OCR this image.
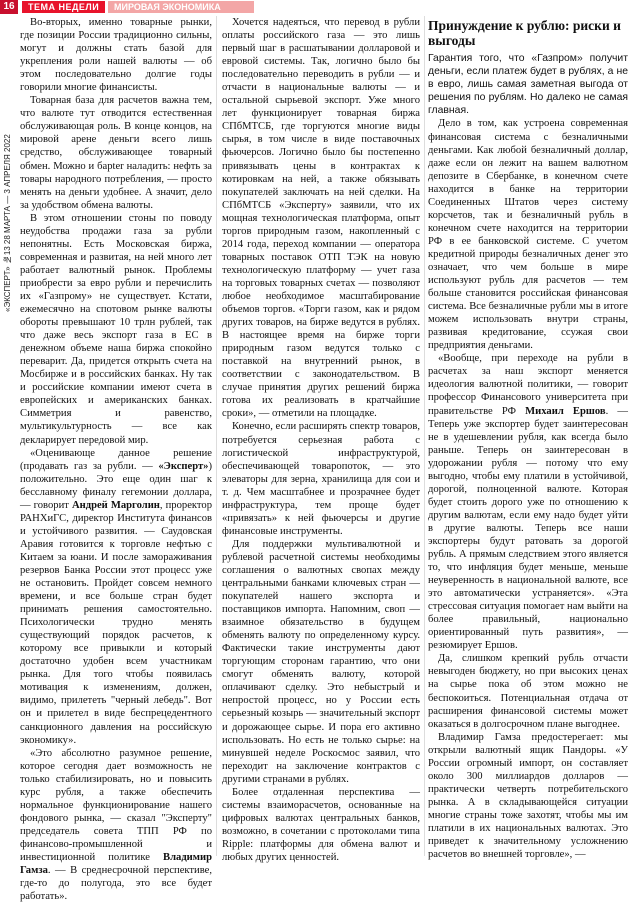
16	ТЕМА НЕДЕЛИ	МИРОВАЯ ЭКОНОМИКА
«ЭКСПЕРТ» №13 28 МАРТА — 3 АПРЕЛЯ 2022

Во-вторых, именно товарные рынки, где позиции России традиционно сильны, могут и должны стать базой для укрепления роли нашей валюты — об этом последовательно долгие годы говорили многие финансисты.

Товарная база для расчетов важна тем, что валюте тут отводится естественная обслуживающая роль. В конце концов, на мировой арене деньги всего лишь средство, обслуживающее товарный обмен. Можно и барter наладить: нефть за товары народного потребления, — просто менять на деньги удобнее. А значит, дело за удобством обмена валюты.

В этом отношении стоны по поводу неудобства продажи газа за рубли непонятны. Есть Московская биржа, современная и развитая, на ней много лет работает валютный рынок. Проблемы приобрести за евро рубли и перечислить их «Газпрому» не существует. Кстати, ежемесячно на спотовом рынке валюты обороты превышают 10 трлн рублей, так что даже весь экспорт газа в ЕС в денежном объеме наша биржа спокойно переварит. Да, придется открыть счета на Мосбирже и в российских банках. Ну так и российские компании имеют счета в европейских и американских банках. Симметрия и равенство, мультикультурность — все как декларирует передовой мир.

«Оценивающе данное решение (продавать газ за рубли. — «Эксперт») положительно. Это еще один шаг к бесславному финалу гегемонии доллара, — говорит Андрей Марголин, проректор РАНХиГС, директор Института финансов и устойчивого развития. — Саудовская Аравия готовится к торговле нефтью с Китаем за юани. И после замораживания резервов Банка России этот процесс уже не остановить. Пройдет совсем немного времени, и все больше стран будет принимать решения самостоятельно. Психологически трудно менять существующий порядок расчетов, к которому все привыкли и который достаточно удобен всем участникам рынка. Для того чтобы появилась мотивация к изменениям, должен, видимо, прилететь "черный лебедь". Вот он и прилетел в виде беспрецедентного санкционного давления на российскую экономику».

«Это абсолютно разумное решение, которое сегодня дает возможность не только стабилизировать, но и повысить курс рубля, а также обеспечить нормальное функционирование нашего фондового рынка, — сказал "Эксперту" председатель совета ТПП РФ по финансово-промышленной и инвестиционной политике Владимир Гамза. — В среднесрочной перспективе, где-то до полугода, это все будет работать».

Хочется надеяться, что перевод в рубли оплаты российского газа — это лишь первый шаг в расшатывании долларовой и евровой системы. Так, логично было бы последовательно переводить в рубли — и отчасти в национальные валюты — и остальной сырьевой экспорт. Уже много лет функционирует товарная биржа СПбМТСБ, где торгуются многие виды сырья, в том числе в виде поставочных фьючерсов. Логично было бы постепенно привязывать цены в контрактах к котировкам на ней, а также обязывать покупателей заключать на ней сделки. На СПбМТСБ «Эксперту» заявили, что их мощная технологическая платформа, опыт торгов природным газом, накопленный с 2014 года, переход компании — оператора товарных поставок ОТП ТЭК на новую технологическую платформу — учет газа на торговых товарных счетах — позволяют любое необходимое масштабирование объемов торгов. «Торги газом, как и рядом других товаров, на бирже ведутся в рублях. В настоящее время на бирже торги природным газом ведутся только с поставкой на внутренний рынок, в соответствии с законодательством. В случае принятия других решений биржа готова их реализовать в кратчайшие сроки», — отметили на площадке.

Конечно, если расширять спектр товаров, потребуется серьезная работа с логистической инфраструктурой, обеспечивающей товаропоток, — это элеваторы для зерна, хранилища для сои и т. д. Чем масштабнее и прозрачнее будет инфраструктура, тем проще будет «привязать» к ней фьючерсы и другие финансовые инструменты.

Для поддержки мультивалютной и рублевой расчетной системы необходимы соглашения о валютных свопах между центральными банками ключевых стран — покупателей нашего экспорта и поставщиков импорта. Напомним, своп — взаимное обязательство в будущем обменять валюту по определенному курсу. Фактически такие инструменты дают торгующим сторонам гарантию, что они смогут обменять валюту, которой оплачивают сделку. Это небыстрый и непростой процесс, но у России есть серьезный козырь — значительный экспорт и дорожающее сырье. И пора его активно использовать. Но есть не только сырье: на минувшей неделе Роскосмос заявил, что переходит на заключение контрактов с другими странами в рублях.

Более отдаленная перспектива — системы взаиморасчетов, основанные на цифровых валютах центральных банков, возможно, в сочетании с протоколами типа Ripple: платформы для обмена валют и любых других ценностей.

Принуждение к рублю: риски и выгоды

Гарантия того, что «Газпром» получит деньги, если платеж будет в рублях, а не в евро, лишь самая заметная выгода от решения по рублям. Но далеко не самая главная.

Дело в том, как устроена современная финансовая система с безналичными деньгами. Как любой безналичный доллар, даже если он лежит на вашем валютном депозите в Сбербанке, в конечном счете находится в банке на территории Соединенных Штатов через систему корсчетов, так и безналичный рубль в конечном счете находится на территории РФ в ее банковской системе. С учетом кредитной природы безналичных денег это означает, что чем больше в мире используют рубль для расчетов — тем больше становится российская финансовая система. Все безналичные рубли мы в итоге можем использовать внутри страны, развивая кредитование, ссужая свои предприятия деньгами.

«Вообще, при переходе на рубли в расчетах за наш экспорт меняется идеология валютной политики, — говорит профессор Финансового университета при правительстве РФ Михаил Ершов. — Теперь уже экспортер будет заинтересован не в удешевлении рубля, как всегда было раньше. Теперь он заинтересован в удорожании рубля — потому что ему выгодно, чтобы ему платили в устойчивой, дорогой, полноценной валюте. Которая будет стоить дорого уже по отношению к другим валютам, если ему надо будет уйти в другие валюты. Теперь все наши экспортеры будут ратовать за дорогой рубль. А прямым следствием этого является то, что инфляция будет меньше, меньше неуверенность в национальной валюте, все это автоматически устраняется». «Эта стрессовая ситуация помогает нам выйти на более правильный, национально ориентированный путь развития», — резюмирует Ершов.

Да, слишком крепкий рубль отчасти невыгоден бюджету, но при высоких ценах на сырье пока об этом можно не беспокоиться. Потенциальная отдача от расширения финансовой системы может оказаться в долгосрочном плане выгоднее.

Владимир Гамза предостерегает: мы открыли валютный ящик Пандоры. «У России огромный импорт, он составляет около 300 миллиардов долларов — практически четверть потребительского рынка. А в складывающейся ситуации многие страны тоже захотят, чтобы мы им платили в их национальных валютах. Это приведет к значительному усложнению расчетов во внешней торговле», —
